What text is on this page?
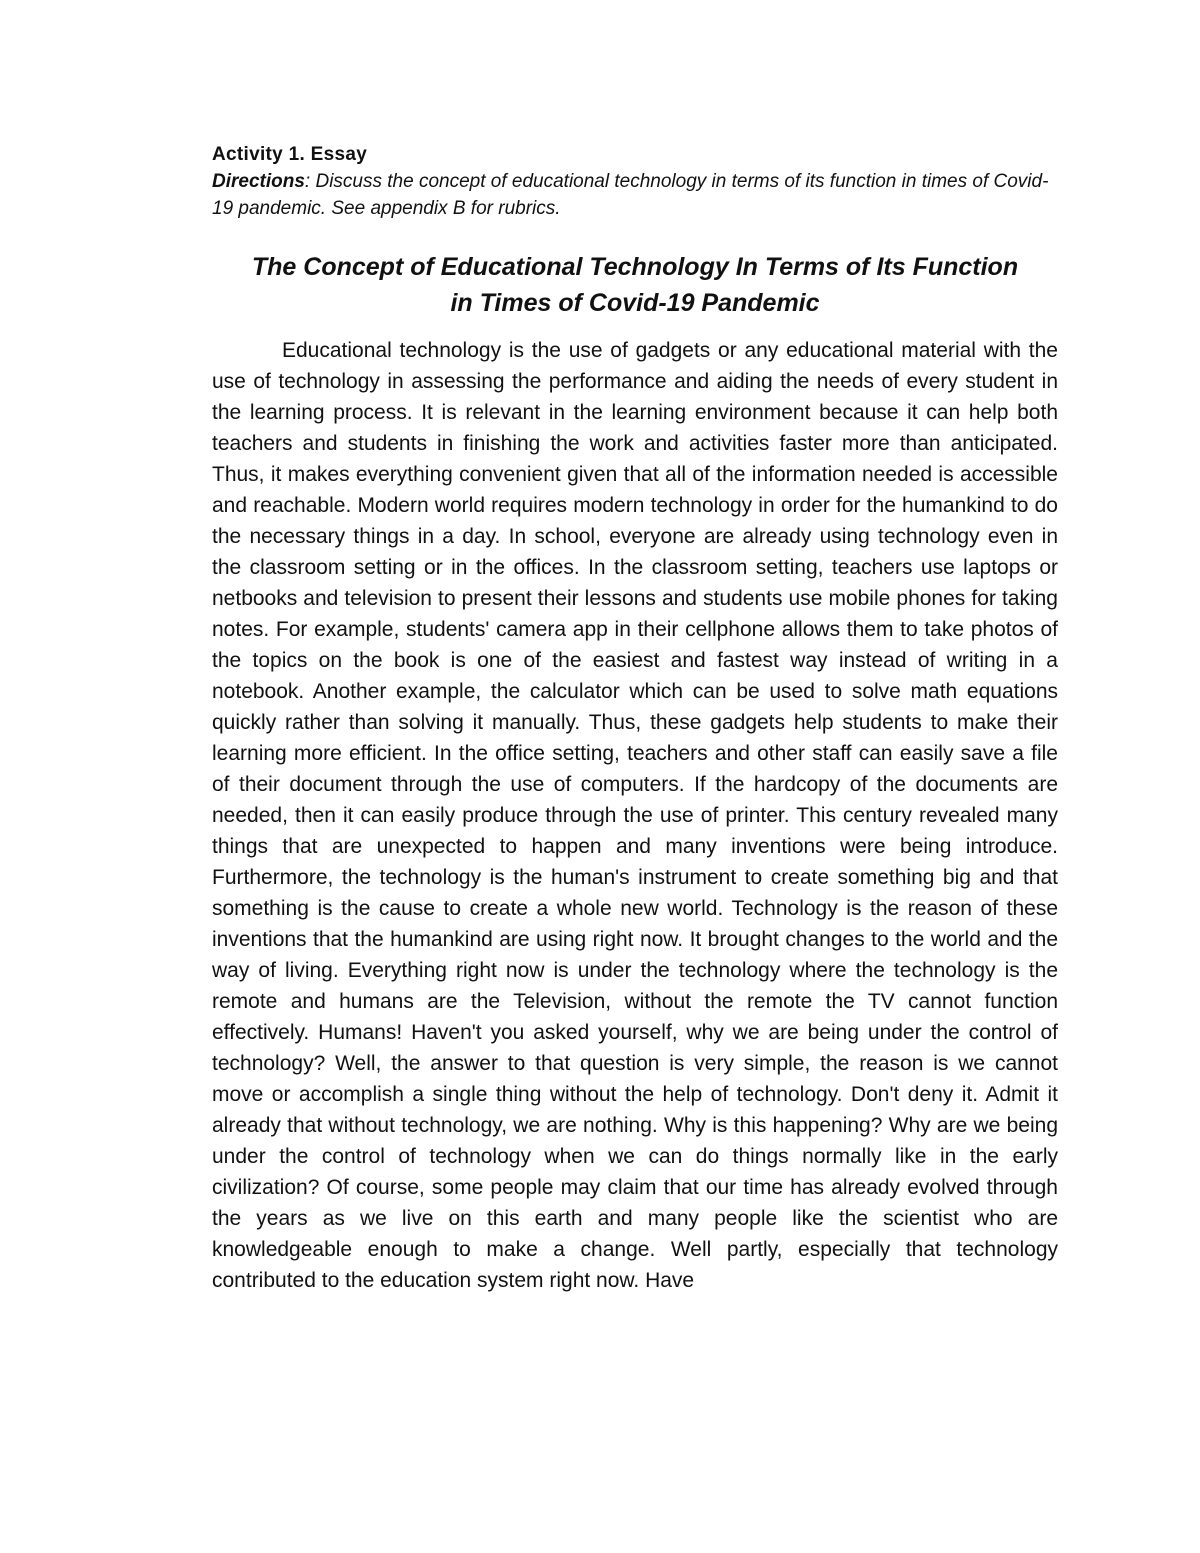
Activity 1. Essay

Directions: Discuss the concept of educational technology in terms of its function in times of Covid-19 pandemic. See appendix B for rubrics.

The Concept of Educational Technology In Terms of Its Function
in Times of Covid-19 Pandemic

Educational technology is the use of gadgets or any educational material with the use of technology in assessing the performance and aiding the needs of every student in the learning process. It is relevant in the learning environment because it can help both teachers and students in finishing the work and activities faster more than anticipated. Thus, it makes everything convenient given that all of the information needed is accessible and reachable. Modern world requires modern technology in order for the humankind to do the necessary things in a day. In school, everyone are already using technology even in the classroom setting or in the offices. In the classroom setting, teachers use laptops or netbooks and television to present their lessons and students use mobile phones for taking notes. For example, students' camera app in their cellphone allows them to take photos of the topics on the book is one of the easiest and fastest way instead of writing in a notebook. Another example, the calculator which can be used to solve math equations quickly rather than solving it manually. Thus, these gadgets help students to make their learning more efficient. In the office setting, teachers and other staff can easily save a file of their document through the use of computers. If the hardcopy of the documents are needed, then it can easily produce through the use of printer. This century revealed many things that are unexpected to happen and many inventions were being introduce. Furthermore, the technology is the human's instrument to create something big and that something is the cause to create a whole new world. Technology is the reason of these inventions that the humankind are using right now. It brought changes to the world and the way of living. Everything right now is under the technology where the technology is the remote and humans are the Television, without the remote the TV cannot function effectively. Humans! Haven't you asked yourself, why we are being under the control of technology? Well, the answer to that question is very simple, the reason is we cannot move or accomplish a single thing without the help of technology. Don't deny it. Admit it already that without technology, we are nothing. Why is this happening? Why are we being under the control of technology when we can do things normally like in the early civilization? Of course, some people may claim that our time has already evolved through the years as we live on this earth and many people like the scientist who are knowledgeable enough to make a change. Well partly, especially that technology contributed to the education system right now. Have
